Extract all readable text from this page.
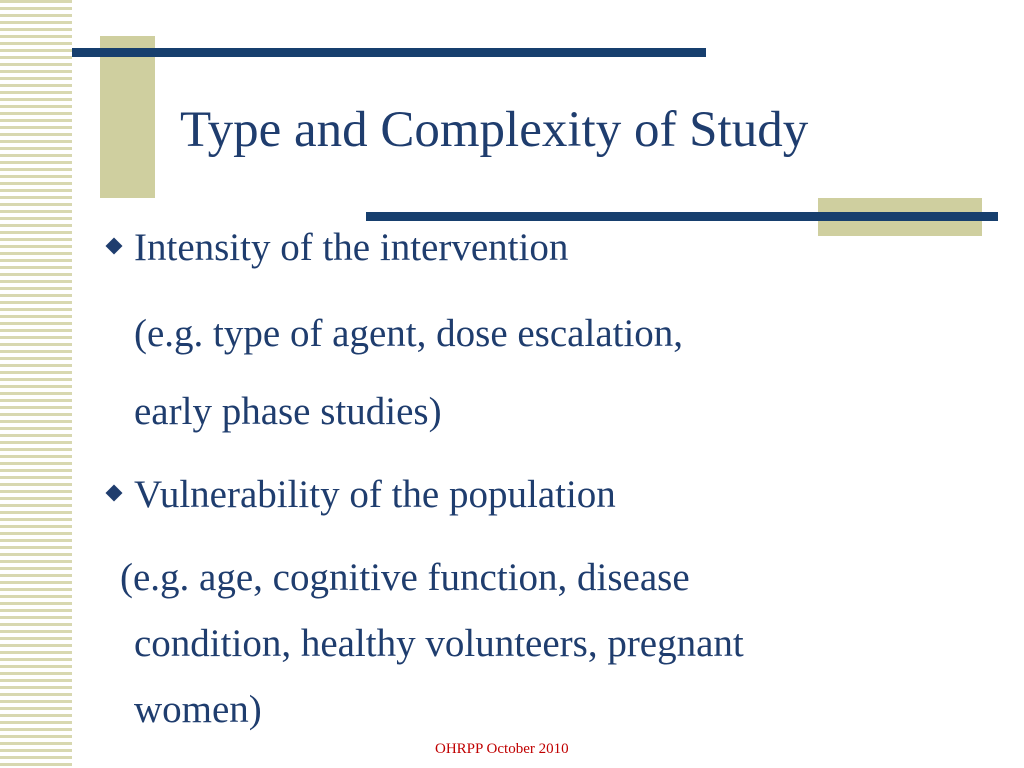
Type and Complexity of Study
Intensity of the intervention
(e.g. type of agent, dose escalation,
early phase studies)
Vulnerability of the population
(e.g. age, cognitive function, disease
condition, healthy volunteers, pregnant
women)
OHRPP October 2010
